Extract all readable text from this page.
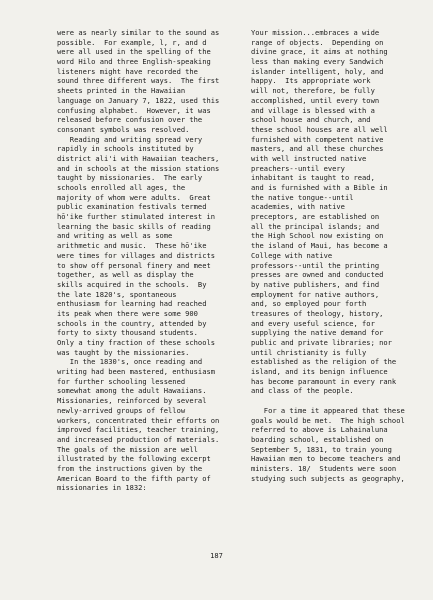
were as nearly similar to the sound as
possible.  For example, l, r, and d
were all used in the spelling of the
word Hilo and three English-speaking
listeners might have recorded the
sound three different ways.  The first
sheets printed in the Hawaiian
language on January 7, 1822, used this
confusing alphabet.  However, it was
released before confusion over the
consonant symbols was resolved.
Reading and writing spread very
rapidly in schools instituted by
district ali'i with Hawaiian teachers,
and in schools at the mission stations
taught by missionaries.  The early
schools enrolled all ages, the
majority of whom were adults.  Great
public examination festivals termed
hō'ike further stimulated interest in
learning the basic skills of reading
and writing as well as some
arithmetic and music.  These hō'ike
were times for villages and districts
to show off personal finery and meet
together, as well as display the
skills acquired in the schools.  By
the late 1820's, spontaneous
enthusiasm for learning had reached
its peak when there were some 900
schools in the country, attended by
forty to sixty thousand students.
Only a tiny fraction of these schools
was taught by the missionaries.
In the 1830's, once reading and
writing had been mastered, enthusiasm
for further schooling lessened
somewhat among the adult Hawaiians.
Missionaries, reinforced by several
newly-arrived groups of fellow
workers, concentrated their efforts on
improved facilities, teacher training,
and increased production of materials.
The goals of the mission are well
illustrated by the following excerpt
from the instructions given by the
American Board to the fifth party of
missionaries in 1832:
Your mission...embraces a wide
range of objects.  Depending on
divine grace, it aims at nothing
less than making every Sandwich
islander intelligent, holy, and
happy.  Its appropriate work
will not, therefore, be fully
accomplished, until every town
and village is blessed with a
school house and church, and
these school houses are all well
furnished with competent native
masters, and all these churches
with well instructed native
preachers--until every
inhabitant is taught to read,
and is furnished with a Bible in
the native tongue--until
academies, with native
preceptors, are established on
all the principal islands; and
the High School now existing on
the island of Maui, has become a
College with native
professors--until the printing
presses are owned and conducted
by native publishers, and find
employment for native authors,
and, so employed pour forth
treasures of theology, history,
and every useful science, for
supplying the native demand for
public and private libraries; nor
until christianity is fully
established as the religion of the
island, and its benign influence
has become paramount in every rank
and class of the people.
For a time it appeared that these
goals would be met.  The high school
referred to above is Lahainaluna
boarding school, established on
September 5, 1831, to train young
Hawaiian men to become teachers and
ministers. 18/  Students were soon
studying such subjects as geography,
187
